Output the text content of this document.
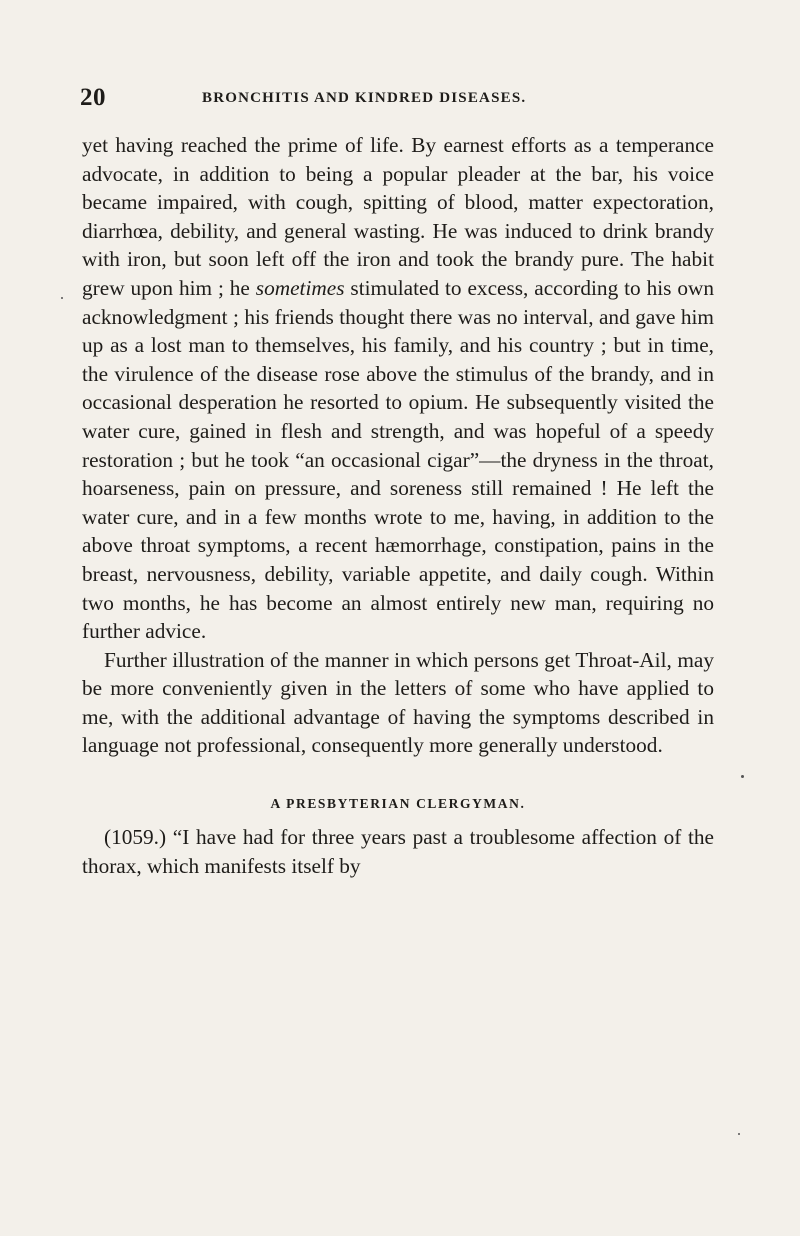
20	BRONCHITIS AND KINDRED DISEASES.

yet having reached the prime of life. By earnest efforts as a temperance advocate, in addition to being a popular pleader at the bar, his voice became impaired, with cough, spitting of blood, matter expectoration, diarrhœa, debility, and general wasting. He was induced to drink brandy with iron, but soon left off the iron and took the brandy pure. The habit grew upon him ; he sometimes stimulated to excess, according to his own acknowledgment ; his friends thought there was no interval, and gave him up as a lost man to themselves, his family, and his country ; but in time, the virulence of the disease rose above the stimulus of the brandy, and in occasional desperation he resorted to opium. He subsequently visited the water cure, gained in flesh and strength, and was hopeful of a speedy restoration ; but he took “an occasional cigar”—the dryness in the throat, hoarseness, pain on pressure, and soreness still remained ! He left the water cure, and in a few months wrote to me, having, in addition to the above throat symptoms, a recent hæmorrhage, constipation, pains in the breast, nervousness, debility, variable appetite, and daily cough. Within two months, he has become an almost entirely new man, requiring no further advice.

Further illustration of the manner in which persons get Throat-Ail, may be more conveniently given in the letters of some who have applied to me, with the additional advantage of having the symptoms described in language not professional, consequently more generally understood.

A PRESBYTERIAN CLERGYMAN.

(1059.) “I have had for three years past a troublesome affection of the thorax, which manifests itself by
